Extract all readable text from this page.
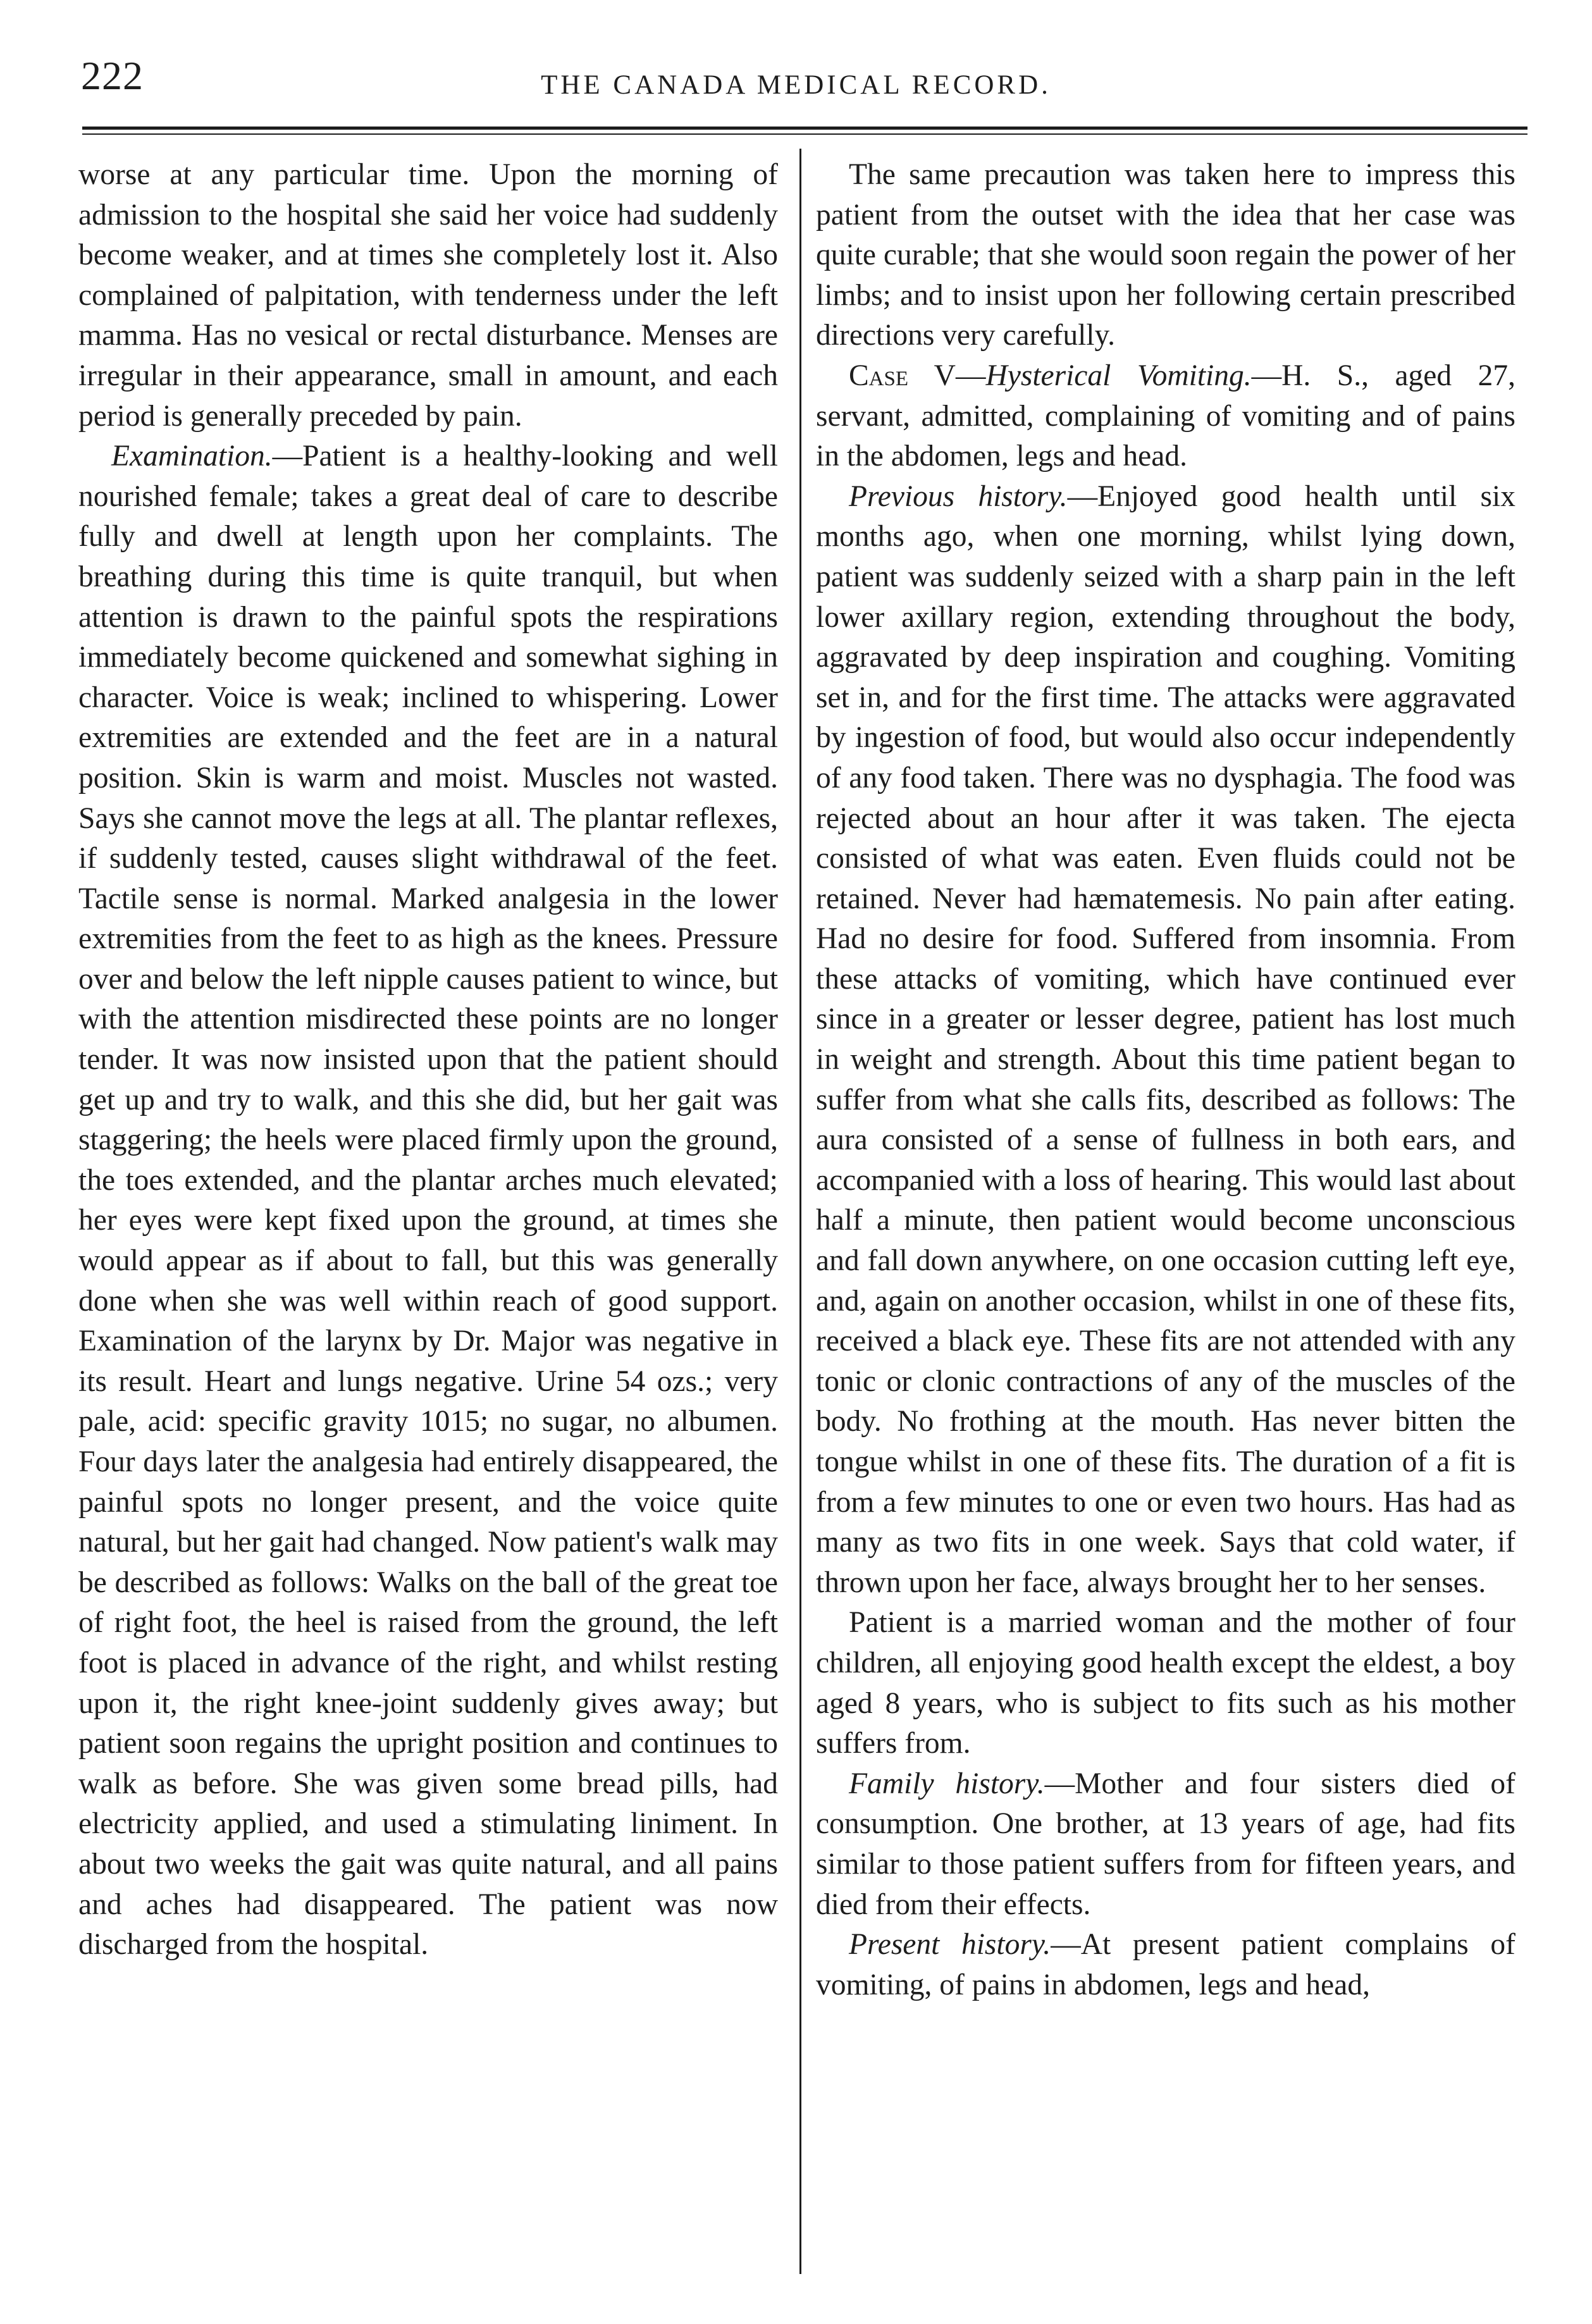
222	THE CANADA MEDICAL RECORD.

worse at any particular time. Upon the morning of admission to the hospital she said her voice had suddenly become weaker, and at times she completely lost it. Also complained of palpitation, with tenderness under the left mamma. Has no vesical or rectal disturbance. Menses are irregular in their appearance, small in amount, and each period is generally preceded by pain.

Examination.—Patient is a healthy-looking and well nourished female; takes a great deal of care to describe fully and dwell at length upon her complaints. The breathing during this time is quite tranquil, but when attention is drawn to the painful spots the respirations immediately become quickened and somewhat sighing in character. Voice is weak; inclined to whispering. Lower extremities are extended and the feet are in a natural position. Skin is warm and moist. Muscles not wasted. Says she cannot move the legs at all. The plantar reflexes, if suddenly tested, causes slight withdrawal of the feet. Tactile sense is normal. Marked analgesia in the lower extremities from the feet to as high as the knees. Pressure over and below the left nipple causes patient to wince, but with the attention misdirected these points are no longer tender. It was now insisted upon that the patient should get up and try to walk, and this she did, but her gait was staggering; the heels were placed firmly upon the ground, the toes extended, and the plantar arches much elevated; her eyes were kept fixed upon the ground, at times she would appear as if about to fall, but this was generally done when she was well within reach of good support. Examination of the larynx by Dr. Major was negative in its result. Heart and lungs negative. Urine 54 ozs.; very pale, acid: specific gravity 1015; no sugar, no albumen. Four days later the analgesia had entirely disappeared, the painful spots no longer present, and the voice quite natural, but her gait had changed. Now patient's walk may be described as follows: Walks on the ball of the great toe of right foot, the heel is raised from the ground, the left foot is placed in advance of the right, and whilst resting upon it, the right knee-joint suddenly gives away; but patient soon regains the upright position and continues to walk as before. She was given some bread pills, had electricity applied, and used a stimulating liniment. In about two weeks the gait was quite natural, and all pains and aches had disappeared. The patient was now discharged from the hospital.

The same precaution was taken here to impress this patient from the outset with the idea that her case was quite curable; that she would soon regain the power of her limbs; and to insist upon her following certain prescribed directions very carefully.

Case V—Hysterical Vomiting.—H. S., aged 27, servant, admitted, complaining of vomiting and of pains in the abdomen, legs and head.

Previous history.—Enjoyed good health until six months ago, when one morning, whilst lying down, patient was suddenly seized with a sharp pain in the left lower axillary region, extending throughout the body, aggravated by deep inspiration and coughing. Vomiting set in, and for the first time. The attacks were aggravated by ingestion of food, but would also occur independently of any food taken. There was no dysphagia. The food was rejected about an hour after it was taken. The ejecta consisted of what was eaten. Even fluids could not be retained. Never had hæmatemesis. No pain after eating. Had no desire for food. Suffered from insomnia. From these attacks of vomiting, which have continued ever since in a greater or lesser degree, patient has lost much in weight and strength. About this time patient began to suffer from what she calls fits, described as follows: The aura consisted of a sense of fullness in both ears, and accompanied with a loss of hearing. This would last about half a minute, then patient would become unconscious and fall down anywhere, on one occasion cutting left eye, and, again on another occasion, whilst in one of these fits, received a black eye. These fits are not attended with any tonic or clonic contractions of any of the muscles of the body. No frothing at the mouth. Has never bitten the tongue whilst in one of these fits. The duration of a fit is from a few minutes to one or even two hours. Has had as many as two fits in one week. Says that cold water, if thrown upon her face, always brought her to her senses.

Patient is a married woman and the mother of four children, all enjoying good health except the eldest, a boy aged 8 years, who is subject to fits such as his mother suffers from.

Family history.—Mother and four sisters died of consumption. One brother, at 13 years of age, had fits similar to those patient suffers from for fifteen years, and died from their effects.

Present history.—At present patient complains of vomiting, of pains in abdomen, legs and head,
